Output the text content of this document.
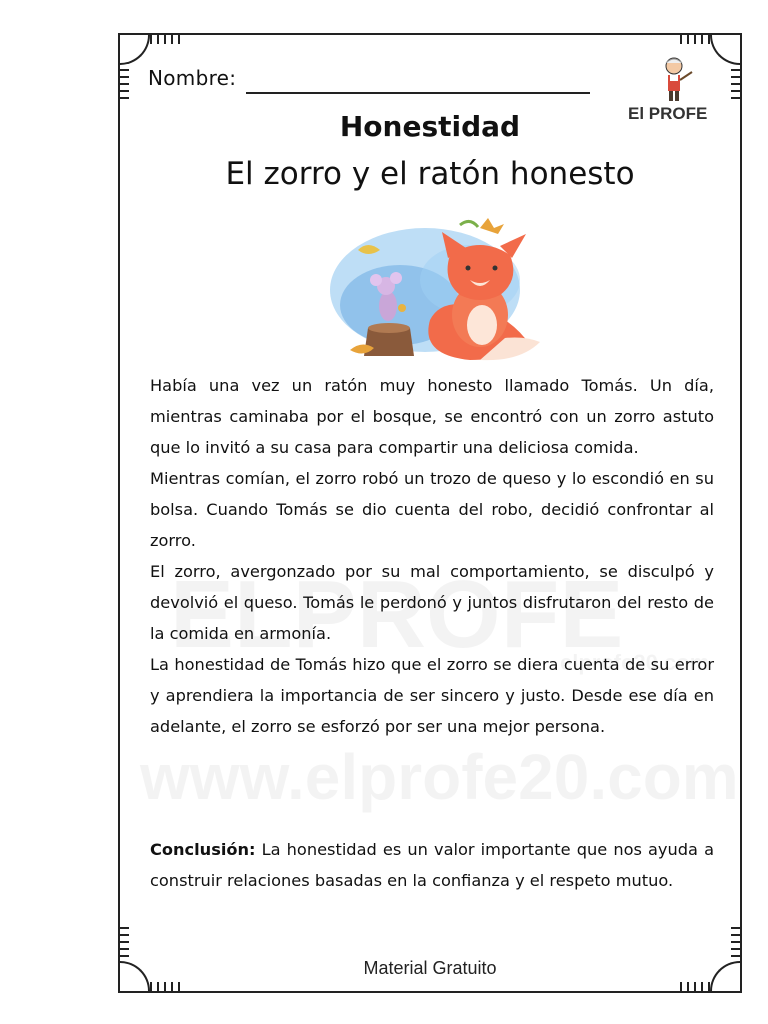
Nombre:
El PROFE
Honestidad
El zorro y el ratón honesto

Había una vez un ratón muy honesto llamado Tomás. Un día, mientras caminaba por el bosque, se encontró con un zorro astuto que lo invitó a su casa para compartir una deliciosa comida.

Mientras comían, el zorro robó un trozo de queso y lo escondió en su bolsa. Cuando Tomás se dio cuenta del robo, decidió confrontar al zorro.

El zorro, avergonzado por su mal comportamiento, se disculpó y devolvió el queso. Tomás le perdonó y juntos disfrutaron del resto de la comida en armonía.

La honestidad de Tomás hizo que el zorro se diera cuenta de su error y aprendiera la importancia de ser sincero y justo. Desde ese día en adelante, el zorro se esforzó por ser una mejor persona.

Conclusión: La honestidad es un valor importante que nos ayuda a construir relaciones basadas en la confianza y el respeto mutuo.

Material Gratuito
